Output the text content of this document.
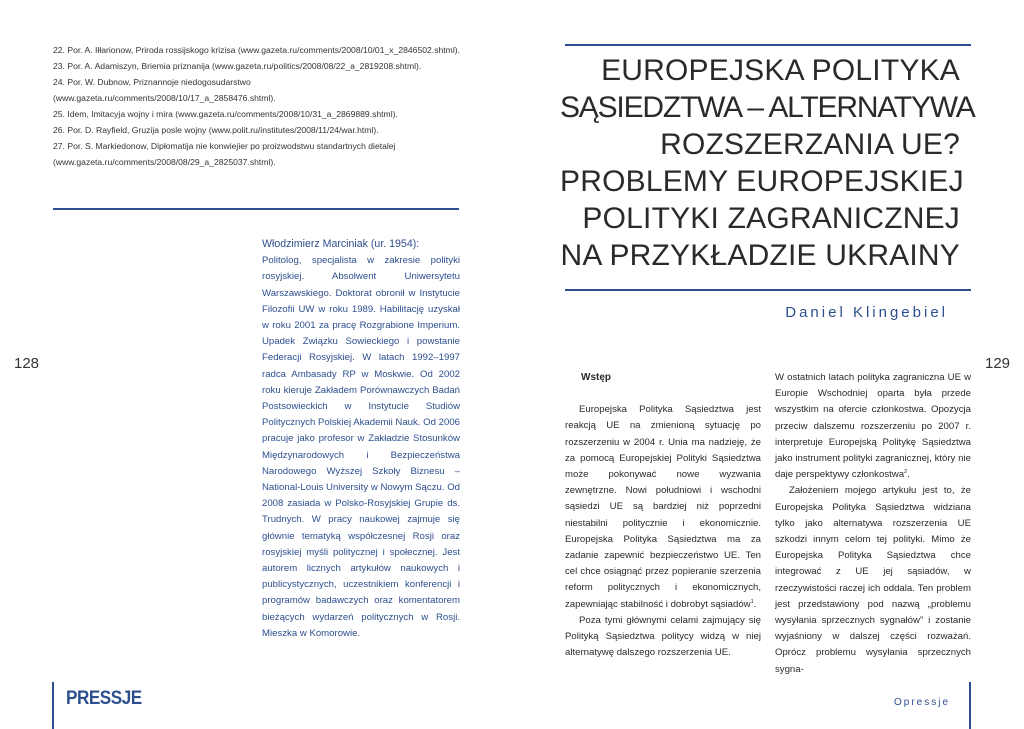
22. Por. A. Iłłarionow, Priroda rossijskogo krizisa (www.gazeta.ru/comments/2008/10/01_x_2846502.shtml).
23. Por. A. Adamiszyn, Briemia priznanija (www.gazeta.ru/politics/2008/08/22_a_2819208.shtml).
24. Por. W. Dubnow, Priznannoje niedogosudarstwo (www.gazeta.ru/comments/2008/10/17_a_2858476.shtml).
25. Idem, Imitacyja wojny i mira (www.gazeta.ru/comments/2008/10/31_a_2869889.shtml).
26. Por. D. Rayfield, Gruzija posle wojny (www.polit.ru/institutes/2008/11/24/war.html).
27. Por. S. Markiedonow, Dipłomatija nie konwiejier po proizwodstwu standartnych dietalej (www.gazeta.ru/comments/2008/08/29_a_2825037.shtml).
Włodzimierz Marciniak (ur. 1954):

Politolog, specjalista w zakresie polityki rosyjskiej. Absolwent Uniwersytetu Warszawskiego. Doktorat obronił w Instytucie Filozofii UW w roku 1989. Habilitację uzyskał w roku 2001 za pracę Rozgrabione Imperium. Upadek Związku Sowieckiego i powstanie Federacji Rosyjskiej. W latach 1992–1997 radca Ambasady RP w Moskwie. Od 2002 roku kieruje Zakładem Porównawczych Badań Postsowieckich w Instytucie Studiów Politycznych Polskiej Akademii Nauk. Od 2006 pracuje jako profesor w Zakładzie Stosunków Międzynarodowych i Bezpieczeństwa Narodowego Wyższej Szkoły Biznesu – National-Louis University w Nowym Sączu. Od 2008 zasiada w Polsko-Rosyjskiej Grupie ds. Trudnych. W pracy naukowej zajmuje się głównie tematyką współczesnej Rosji oraz rosyjskiej myśli politycznej i społecznej. Jest autorem licznych artykułów naukowych i publicystycznych, uczestnikiem konferencji i programów badawczych oraz komentatorem bieżących wydarzeń politycznych w Rosji. Mieszka w Komorowie.

128
PRESSJE
EUROPEJSKA POLITYKA
SĄSIEDZTWA – ALTERNATYWA
ROZSZERZANIA UE?
PROBLEMY EUROPEJSKIEJ
POLITYKI ZAGRANICZNEJ
NA PRZYKŁADZIE UKRAINY
Daniel Klingebiel
129
Wstęp

Europejska Polityka Sąsiedztwa jest reakcją UE na zmienioną sytuację po rozszerzeniu w 2004 r. Unia ma nadzieję, że za pomocą Europejskiej Polityki Sąsiedztwa może pokonywać nowe wyzwania zewnętrzne. Nowi południowi i wschodni sąsiedzi UE są bardziej niż poprzedni niestabilni politycznie i ekonomicznie. Europejska Polityka Sąsiedztwa ma za zadanie zapewnić bezpieczeństwo UE. Ten cel chce osiągnąć przez popieranie szerzenia reform politycznych i ekonomicznych, zapewniając stabilność i dobrobyt sąsiadów$^1$.

Poza tymi głównymi celami zajmujący się Polityką Sąsiedztwa politycy widzą w niej alternatywę dalszego rozszerzenia UE.

W ostatnich latach polityka zagraniczna UE w Europie Wschodniej oparta była przede wszystkim na ofercie członkostwa. Opozycja przeciw dalszemu rozszerzeniu po 2007 r. interpretuje Europejską Politykę Sąsiedztwa jako instrument polityki zagranicznej, który nie daje perspektywy członkostwa$^2$.

Założeniem mojego artykułu jest to, że Europejska Polityka Sąsiedztwa widziana tylko jako alternatywa rozszerzenia UE szkodzi innym celom tej polityki. Mimo że Europejska Polityka Sąsiedztwa chce integrować z UE jej sąsiadów, w rzeczywistości raczej ich oddala. Ten problem jest przedstawiony pod nazwą „problemu wysyłania sprzecznych sygnałów” i zostanie wyjaśniony w dalszej części rozważań. Oprócz problemu wysyłania sprzecznych sygna-

Opressje
